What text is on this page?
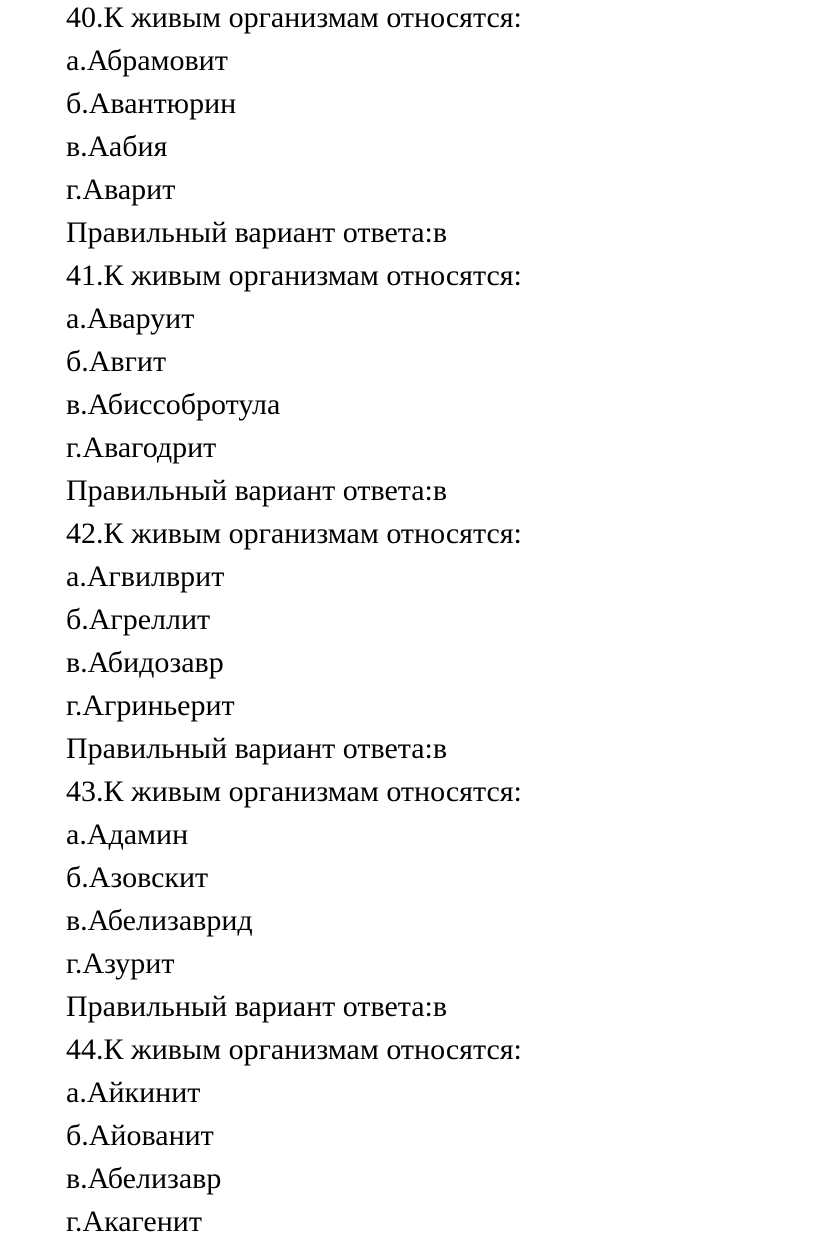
40.К живым организмам относятся:
а.Абрамовит
б.Авантюрин
в.Аабия
г.Аварит
Правильный вариант ответа:в
41.К живым организмам относятся:
а.Аваруит
б.Авгит
в.Абиссобротула
г.Авагодрит
Правильный вариант ответа:в
42.К живым организмам относятся:
а.Агвилврит
б.Агреллит
в.Абидозавр
г.Агриньерит
Правильный вариант ответа:в
43.К живым организмам относятся:
а.Адамин
б.Азовскит
в.Абелизаврид
г.Азурит
Правильный вариант ответа:в
44.К живым организмам относятся:
а.Айкинит
б.Айованит
в.Абелизавр
г.Акагенит
